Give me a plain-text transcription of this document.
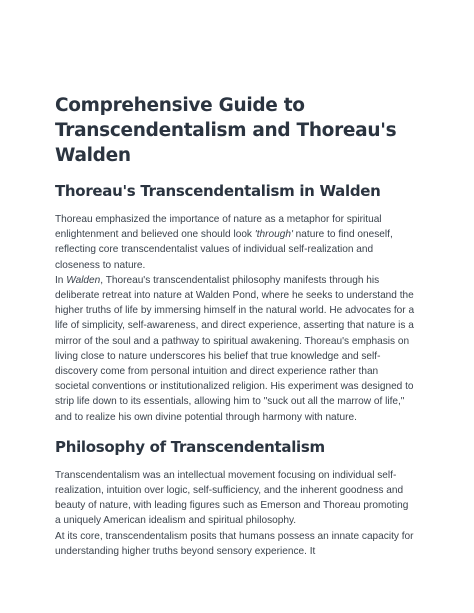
Comprehensive Guide to Transcendentalism and Thoreau's Walden
Thoreau's Transcendentalism in Walden

Thoreau emphasized the importance of nature as a metaphor for spiritual enlightenment and believed one should look 'through' nature to find oneself, reflecting core transcendentalist values of individual self-realization and closeness to nature.

In Walden, Thoreau's transcendentalist philosophy manifests through his deliberate retreat into nature at Walden Pond, where he seeks to understand the higher truths of life by immersing himself in the natural world. He advocates for a life of simplicity, self-awareness, and direct experience, asserting that nature is a mirror of the soul and a pathway to spiritual awakening. Thoreau's emphasis on living close to nature underscores his belief that true knowledge and self-discovery come from personal intuition and direct experience rather than societal conventions or institutionalized religion. His experiment was designed to strip life down to its essentials, allowing him to "suck out all the marrow of life," and to realize his own divine potential through harmony with nature.

Philosophy of Transcendentalism

Transcendentalism was an intellectual movement focusing on individual self-realization, intuition over logic, self-sufficiency, and the inherent goodness and beauty of nature, with leading figures such as Emerson and Thoreau promoting a uniquely American idealism and spiritual philosophy.

At its core, transcendentalism posits that humans possess an innate capacity for understanding higher truths beyond sensory experience. It
